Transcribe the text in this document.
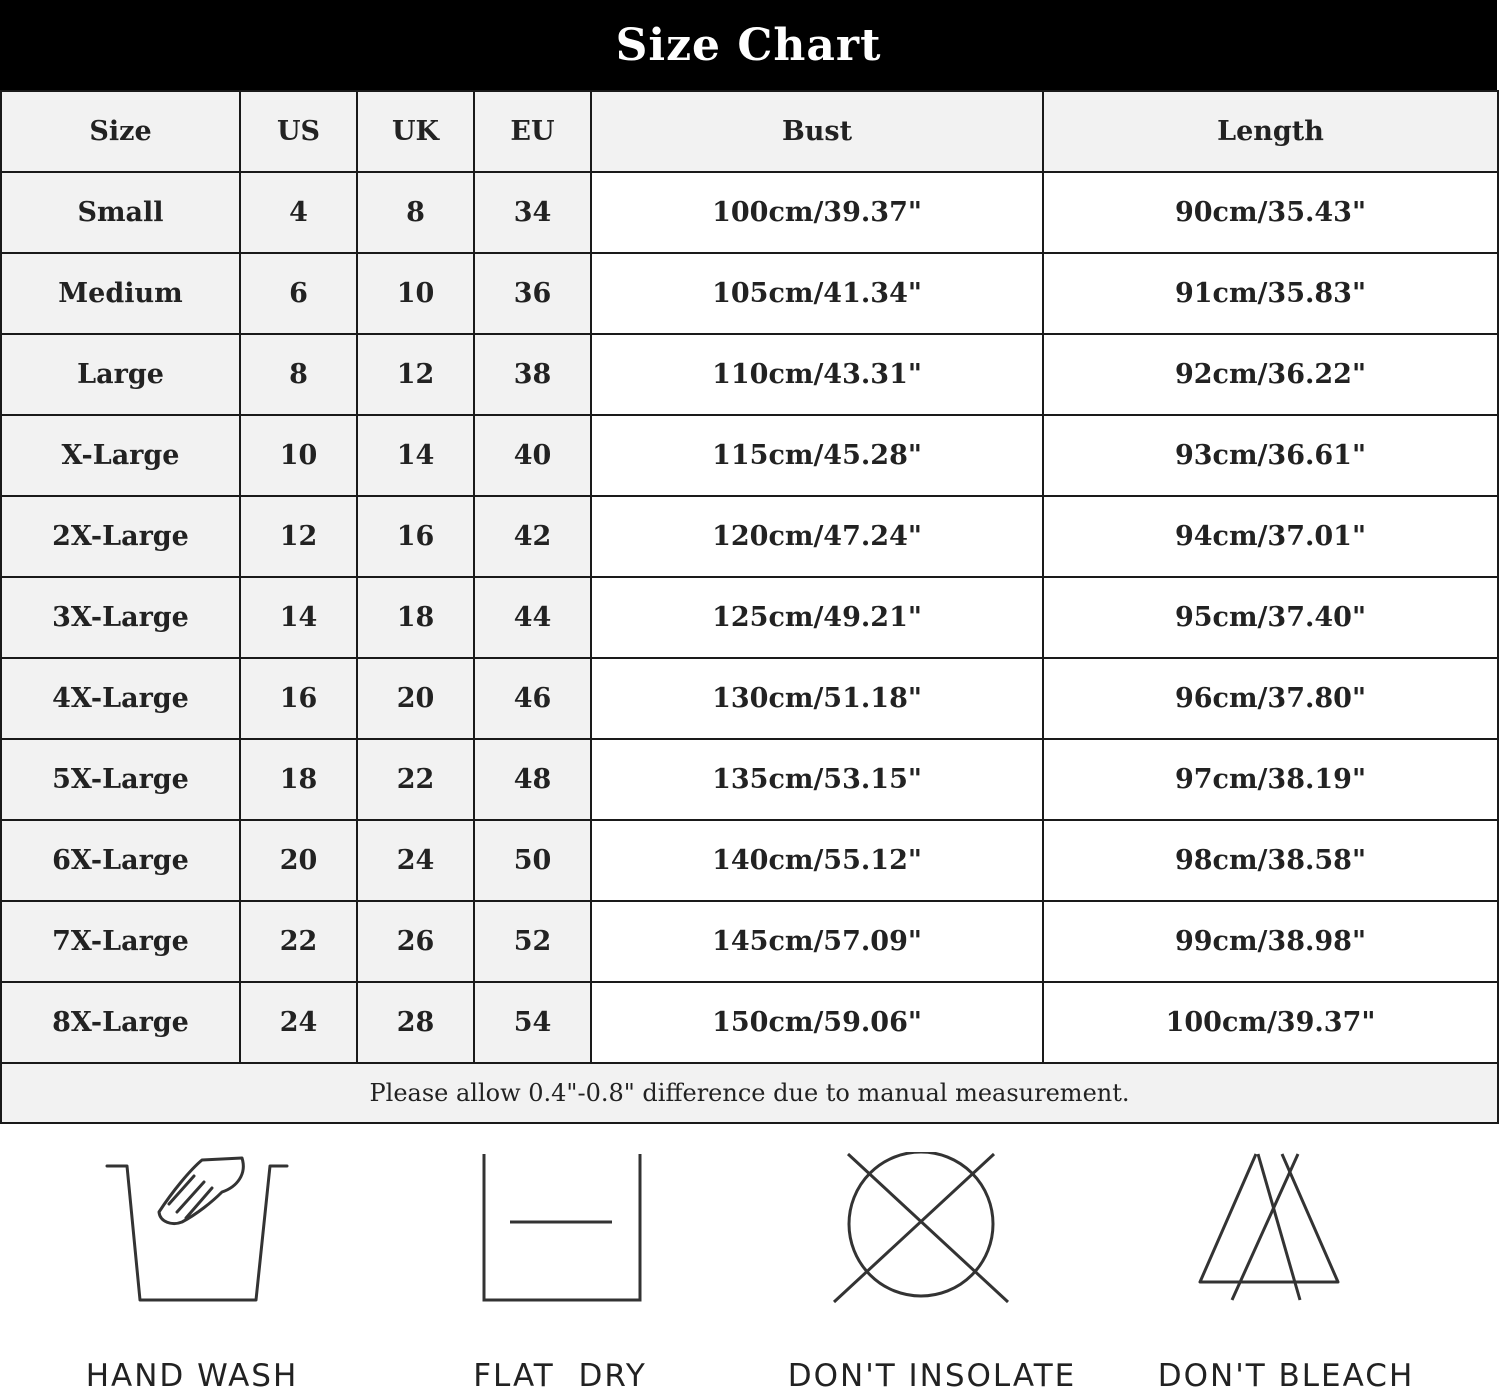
Size Chart
Size	US	UK	EU	Bust	Length
Small	4	8	34	100cm/39.37"	90cm/35.43"
Medium	6	10	36	105cm/41.34"	91cm/35.83"
Large	8	12	38	110cm/43.31"	92cm/36.22"
X-Large	10	14	40	115cm/45.28"	93cm/36.61"
2X-Large	12	16	42	120cm/47.24"	94cm/37.01"
3X-Large	14	18	44	125cm/49.21"	95cm/37.40"
4X-Large	16	20	46	130cm/51.18"	96cm/37.80"
5X-Large	18	22	48	135cm/53.15"	97cm/38.19"
6X-Large	20	24	50	140cm/55.12"	98cm/38.58"
7X-Large	22	26	52	145cm/57.09"	99cm/38.98"
8X-Large	24	28	54	150cm/59.06"	100cm/39.37"
Please allow 0.4"-0.8" difference due to manual measurement.					
HAND WASH	FLAT  DRY	DON'T INSOLATE	DON'T BLEACH
